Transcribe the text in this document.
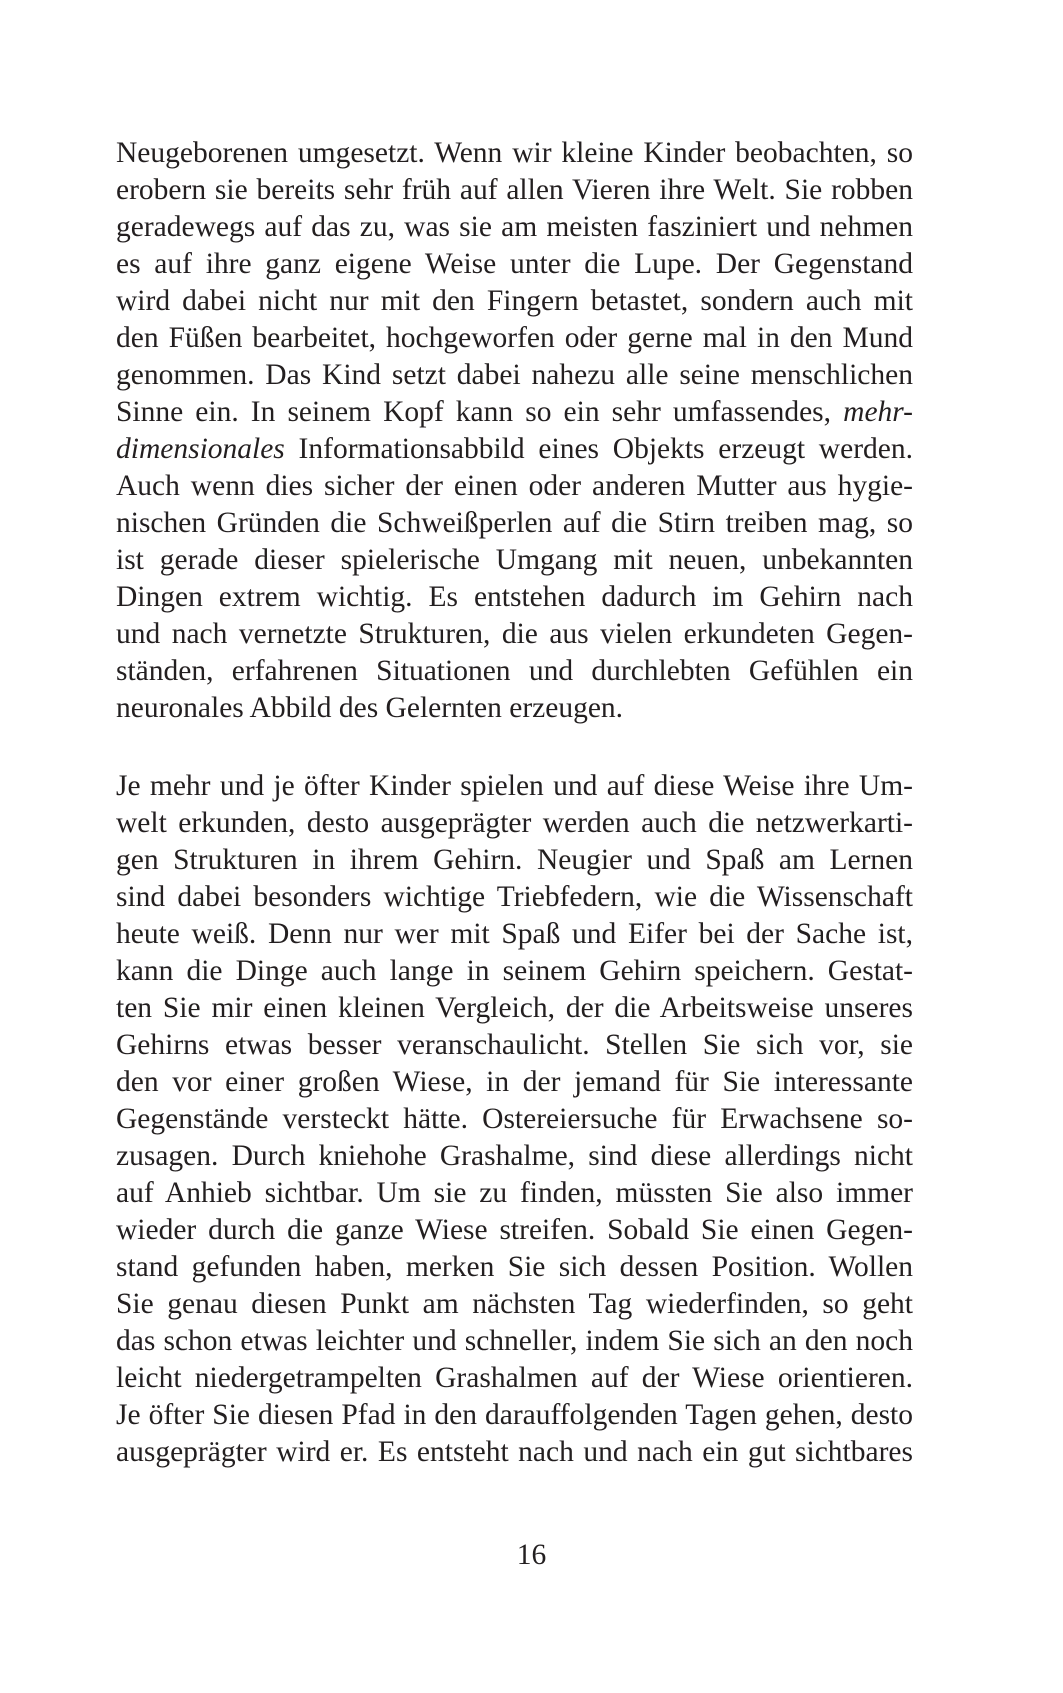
Neugeborenen umgesetzt. Wenn wir kleine Kinder beobachten, so
erobern sie bereits sehr früh auf allen Vieren ihre Welt. Sie robben
geradewegs auf das zu, was sie am meisten fasziniert und nehmen
es auf ihre ganz eigene Weise unter die Lupe. Der Gegenstand
wird dabei nicht nur mit den Fingern betastet, sondern auch mit
den Füßen bearbeitet, hochgeworfen oder gerne mal in den Mund
genommen. Das Kind setzt dabei nahezu alle seine menschlichen
Sinne ein. In seinem Kopf kann so ein sehr umfassendes, mehr-
dimensionales Informationsabbild eines Objekts erzeugt werden.
Auch wenn dies sicher der einen oder anderen Mutter aus hygie-
nischen Gründen die Schweißperlen auf die Stirn treiben mag, so
ist gerade dieser spielerische Umgang mit neuen, unbekannten
Dingen extrem wichtig. Es entstehen dadurch im Gehirn nach
und nach vernetzte Strukturen, die aus vielen erkundeten Gegen-
ständen, erfahrenen Situationen und durchlebten Gefühlen ein
neuronales Abbild des Gelernten erzeugen.
Je mehr und je öfter Kinder spielen und auf diese Weise ihre Um-
welt erkunden, desto ausgeprägter werden auch die netzwerkarti-
gen Strukturen in ihrem Gehirn. Neugier und Spaß am Lernen
sind dabei besonders wichtige Triebfedern, wie die Wissenschaft
heute weiß. Denn nur wer mit Spaß und Eifer bei der Sache ist,
kann die Dinge auch lange in seinem Gehirn speichern. Gestat-
ten Sie mir einen kleinen Vergleich, der die Arbeitsweise unseres
Gehirns etwas besser veranschaulicht. Stellen Sie sich vor, sie
den vor einer großen Wiese, in der jemand für Sie interessante
Gegenstände versteckt hätte. Ostereiersuche für Erwachsene so-
zusagen. Durch kniehohe Grashalme, sind diese allerdings nicht
auf Anhieb sichtbar. Um sie zu finden, müssten Sie also immer
wieder durch die ganze Wiese streifen. Sobald Sie einen Gegen-
stand gefunden haben, merken Sie sich dessen Position. Wollen
Sie genau diesen Punkt am nächsten Tag wiederfinden, so geht
das schon etwas leichter und schneller, indem Sie sich an den noch
leicht niedergetrampelten Grashalmen auf der Wiese orientieren.
Je öfter Sie diesen Pfad in den darauffolgenden Tagen gehen, desto
ausgeprägter wird er. Es entsteht nach und nach ein gut sichtbares
16
